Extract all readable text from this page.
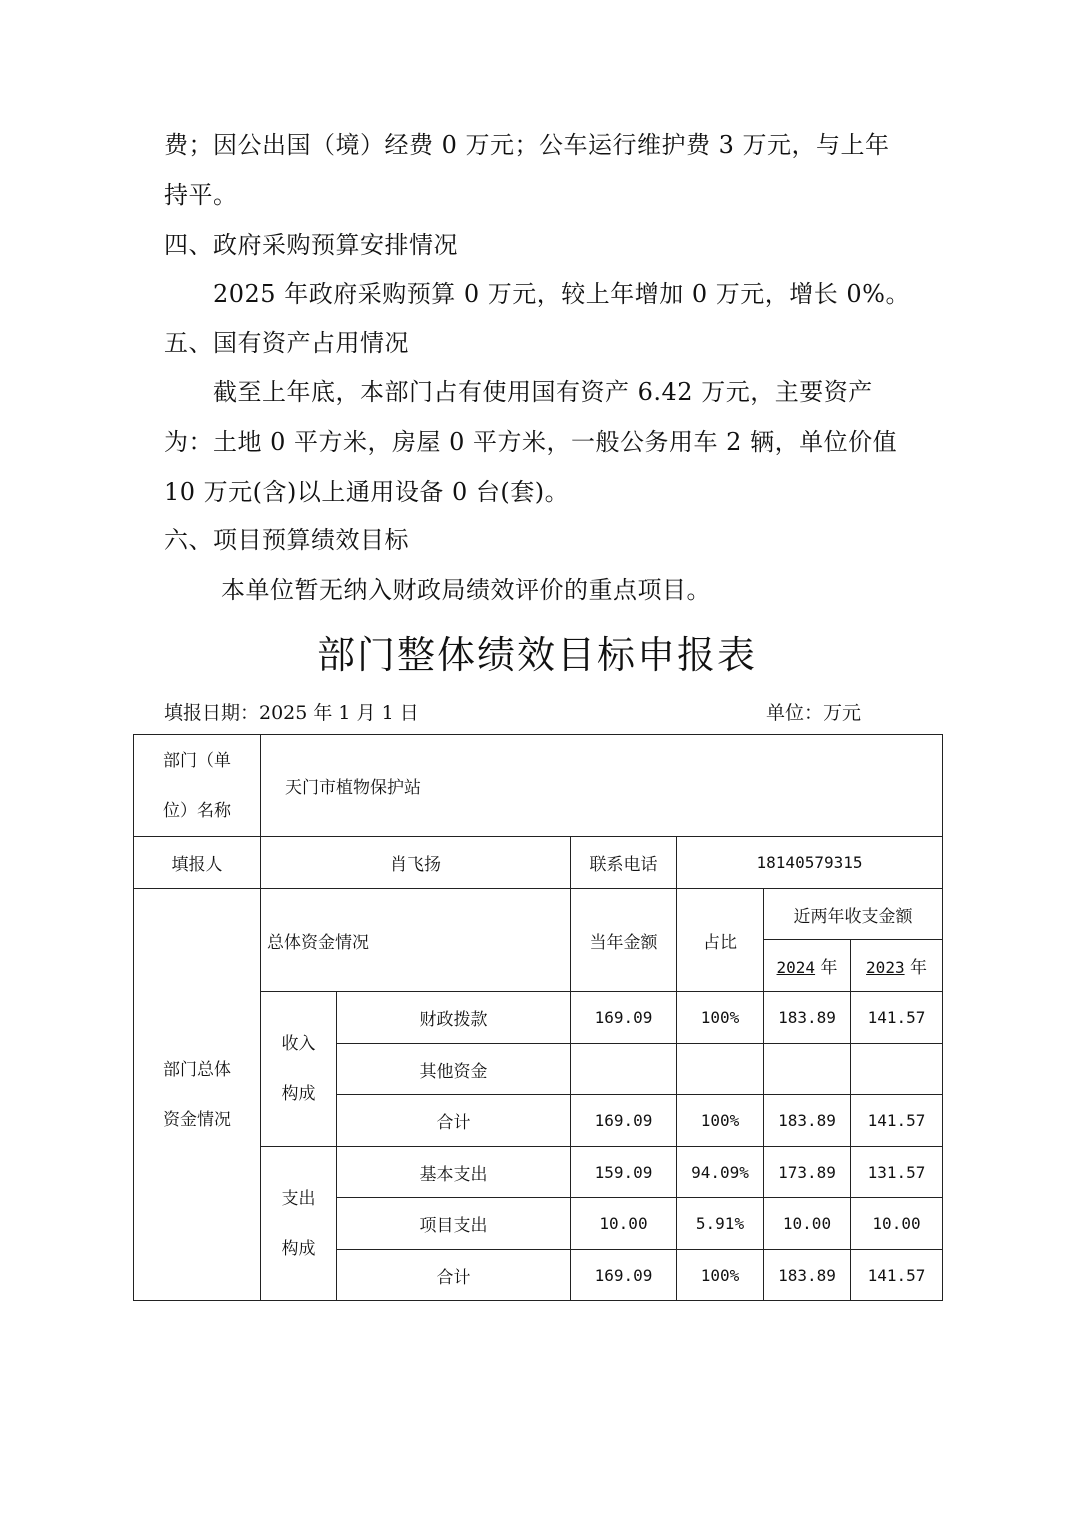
费；因公出国（境）经费 0 万元；公车运行维护费 3 万元，与上年
持平。
四、政府采购预算安排情况
2025 年政府采购预算 0 万元，较上年增加 0 万元，增长 0%。
五、国有资产占用情况
截至上年底，本部门占有使用国有资产 6.42 万元，主要资产
为：土地 0 平方米，房屋 0 平方米，一般公务用车 2 辆，单位价值
10 万元(含)以上通用设备 0 台(套)。
六、项目预算绩效目标
本单位暂无纳入财政局绩效评价的重点项目。
部门整体绩效目标申报表
填报日期：2025 年 1 月 1 日	单位：万元
部门（单
位）名称	天门市植物保护站					
填报人	肖飞扬		联系电话	18140579315		
部门总体
资金情况	总体资金情况		当年金额	占比	近两年收支金额	
					2024 年	2023 年
	收入
构成	财政拨款	169.09	100%	183.89	141.57
		其他资金				
		合计	169.09	100%	183.89	141.57
	支出
构成	基本支出	159.09	94.09%	173.89	131.57
		项目支出	10.00	5.91%	10.00	10.00
		合计	169.09	100%	183.89	141.57
